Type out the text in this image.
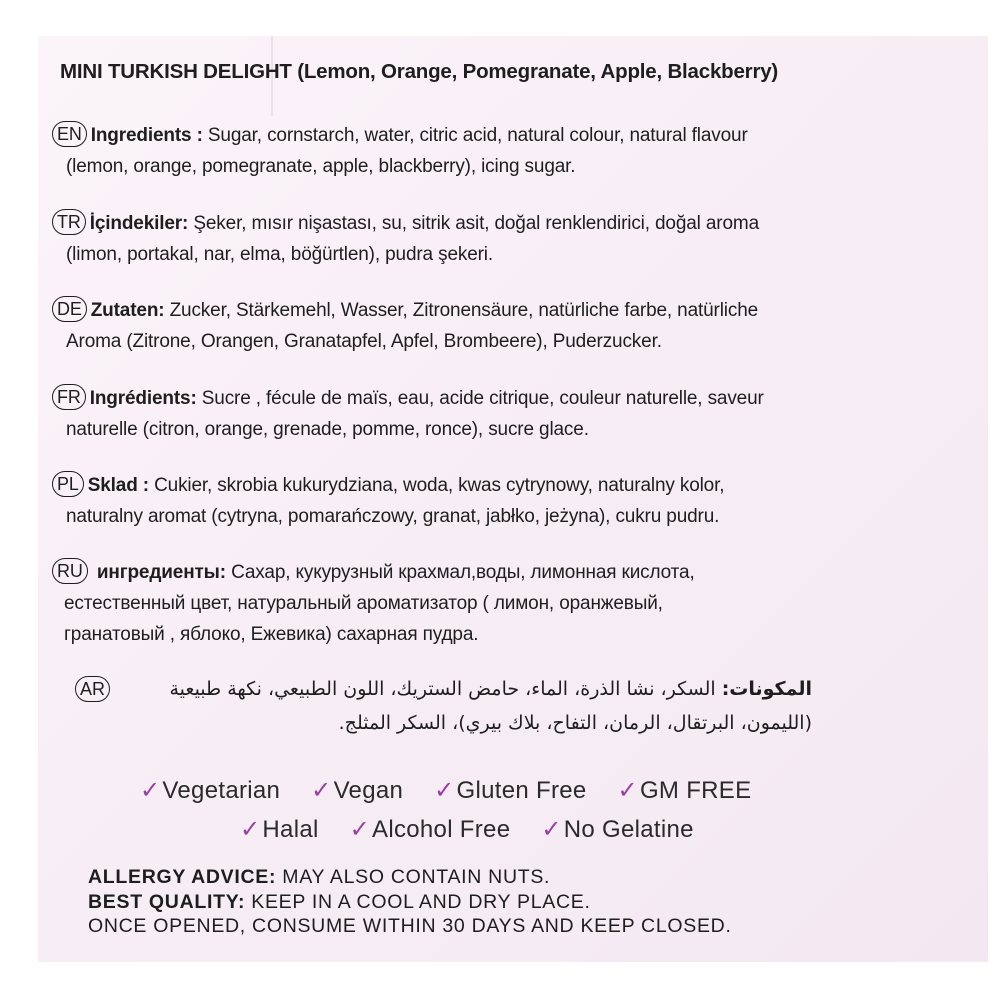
MINI TURKISH DELIGHT (Lemon, Orange, Pomegranate, Apple, Blackberry)
EN Ingredients : Sugar, cornstarch, water, citric acid, natural colour, natural flavour
(lemon, orange, pomegranate, apple, blackberry), icing sugar.
TR İçindekiler: Şeker, mısır nişastası, su, sitrik asit, doğal renklendirici, doğal aroma
(limon, portakal, nar, elma, böğürtlen), pudra şekeri.
DE Zutaten: Zucker, Stärkemehl, Wasser, Zitronensäure, natürliche farbe, natürliche
Aroma (Zitrone, Orangen, Granatapfel, Apfel, Brombeere), Puderzucker.
FR Ingrédients: Sucre , fécule de maïs, eau, acide citrique, couleur naturelle, saveur
naturelle (citron, orange, grenade, pomme, ronce), sucre glace.
PL Sklad : Cukier, skrobia kukurydziana, woda, kwas cytrynowy, naturalny kolor,
naturalny aromat (cytryna, pomarańczowy, granat, jabłko, jeżyna), cukru pudru.
RU ингредиенты: Сахар, кукурузный крахмал,воды, лимонная кислота,
естественный цвет, натуральный ароматизатор ( лимон, оранжевый,
гранатовый , яблоко, Ежевика) сахарная пудра.
AR	المكونات: السكر، نشا الذرة، الماء، حامض الستريك، اللون الطبيعي، نكهة طبيعية
(الليمون، البرتقال، الرمان، التفاح، بلاك بيري)، السكر المثلج.
✓Vegetarian ✓Vegan ✓Gluten Free ✓GM FREE
✓Halal ✓Alcohol Free ✓No Gelatine
ALLERGY ADVICE: MAY ALSO CONTAIN NUTS.
BEST QUALITY: KEEP IN A COOL AND DRY PLACE.
ONCE OPENED, CONSUME WITHIN 30 DAYS AND KEEP CLOSED.
